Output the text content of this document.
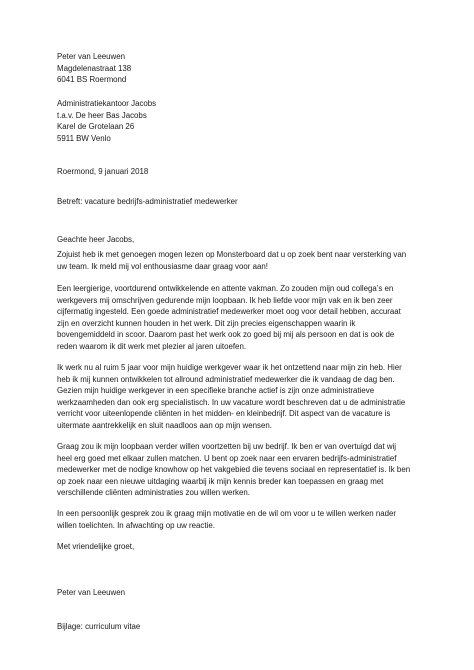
Peter van Leeuwen
Magdelenastraat 138
6041 BS Roermond
Administratiekantoor Jacobs
t.a.v. De heer Bas Jacobs
Karel de Grotelaan 26
5911 BW Venlo
Roermond, 9 januari 2018
Betreft: vacature bedrijfs-administratief medewerker
Geachte heer Jacobs,
Zojuist heb ik met genoegen mogen lezen op Monsterboard dat u op zoek bent naar versterking van
uw team. Ik meld mij vol enthousiasme daar graag voor aan!
Een leergierige, voortdurend ontwikkelende en attente vakman. Zo zouden mijn oud collega’s en
werkgevers mij omschrijven gedurende mijn loopbaan. Ik heb liefde voor mijn vak en ik ben zeer
cijfermatig ingesteld. Een goede administratief medewerker moet oog voor detail hebben, accuraat
zijn en overzicht kunnen houden in het werk. Dit zijn precies eigenschappen waarin ik
bovengemiddeld in scoor. Daarom past het werk ook zo goed bij mij als persoon en dat is ook de
reden waarom ik dit werk met plezier al jaren uitoefen.
Ik werk nu al ruim 5 jaar voor mijn huidige werkgever waar ik het ontzettend naar mijn zin heb. Hier
heb ik mij kunnen ontwikkelen tot allround administratief medewerker die ik vandaag de dag ben.
Gezien mijn huidige werkgever in een specifieke branche actief is zijn onze administratieve
werkzaamheden dan ook erg specialistisch. In uw vacature wordt beschreven dat u de administratie
verricht voor uiteenlopende cliënten in het midden- en kleinbedrijf. Dit aspect van de vacature is
uitermate aantrekkelijk en sluit naadloos aan op mijn wensen.
Graag zou ik mijn loopbaan verder willen voortzetten bij uw bedrijf. Ik ben er van overtuigd dat wij
heel erg goed met elkaar zullen matchen. U bent op zoek naar een ervaren bedrijfs-administratief
medewerker met de nodige knowhow op het vakgebied die tevens sociaal en representatief is. Ik ben
op zoek naar een nieuwe uitdaging waarbij ik mijn kennis breder kan toepassen en graag met
verschillende cliënten administraties zou willen werken.
In een persoonlijk gesprek zou ik graag mijn motivatie en de wil om voor u te willen werken nader
willen toelichten. In afwachting op uw reactie.
Met vriendelijke groet,
Peter van Leeuwen
Bijlage: curriculum vitae
